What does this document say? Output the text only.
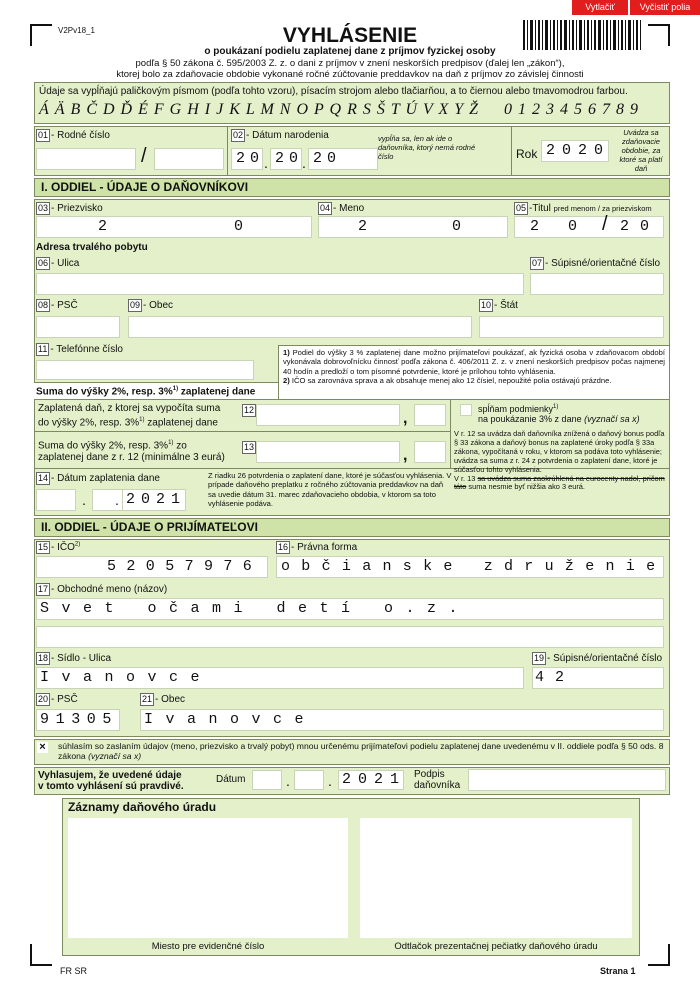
Vytlačiť	Vyčistiť polia
V2Pv18_1	VYHLÁSENIE
o poukázaní podielu zaplatenej dane z príjmov fyzickej osoby
podľa § 50 zákona č. 595/2003 Z. z. o dani z príjmov v znení neskorších predpisov (ďalej len „zákon“),
ktorej bolo za zdaňovacie obdobie vykonané ročné zúčtovanie preddavkov na daň z príjmov zo závislej činnosti
Údaje sa vypĺňajú paličkovým písmom (podľa tohto vzoru), písacím strojom alebo tlačiarňou, a to čiernou alebo tmavomodrou farbou.
Á Ä B Č D Ď É F G H I J K L M N O P Q R S Š T Ú V X Y Ž     0 1 2 3 4 5 6 7 8 9
01 - Rodné číslo
/
02 - Dátum narodenia	vypĺňa sa, len ak ide o daňovníka, ktorý nemá rodné číslo
2 0 . 2 0 . 2 0	Rok 2 0 2 0
Uvádza sa zdaňovacie obdobie, za ktoré sa platí daň
I. ODDIEL - ÚDAJE O DAŇOVNÍKOVI
03 - Priezvisko
2	0
04 - Meno
2	0
05 -Titul pred menom / za priezviskom
2 0 / 2 0
Adresa trvalého pobytu
06 - Ulica	07 - Súpisné/orientačné číslo
08 - PSČ	09 - Obec	10 - Štát
11 - Telefónne číslo	1) Podiel do výšky 3 % zaplatenej dane možno prijímateľovi poukázať, ak fyzická osoba v zdaňovacom období vykonávala dobrovoľnícku činnosť podľa zákona č. 406/2011 Z. z. v znení neskorších predpisov počas najmenej 40 hodín a predloží o tom písomné potvrdenie, ktoré je prílohou tohto vyhlásenia.
2) IČO sa zarovnáva sprava a ak obsahuje menej ako 12 čísiel, nepoužité polia ostávajú prázdne.
Suma do výšky 2%, resp. 3%$^{1)}$ zaplatenej dane
Zaplatená daň, z ktorej sa vypočíta suma
do výšky 2%, resp. 3%$^{1)}$ zaplatenej dane
12	,
Suma do výšky 2%, resp. 3%$^{1)}$ zo
zaplatenej dane z r. 12 (minimálne 3 eurá)
13	,
spĺňam podmienky$^{1)}$
na poukázanie 3% z dane (vyznačí sa x)
V r. 12 sa uvádza daň daňovníka znížená o daňový bonus podľa § 33 zákona a daňový bonus na zaplatené úroky podľa § 33a zákona, vypočítaná v roku, v ktorom sa podáva toto vyhlásenie; uvádza sa suma z r. 24 z potvrdenia o zaplatení dane, ktoré je súčasťou tohto vyhlásenia.
V r. 13 sa uvádza suma zaokrúhlená na eurocenty nadol, pričom táto suma nesmie byť nižšia ako 3 eurá.
14 - Dátum zaplatenia dane
. . 2 0 2 1
Z riadku 26 potvrdenia o zaplatení dane, ktoré je súčasťou vyhlásenia. V prípade daňového preplatku z ročného zúčtovania preddavkov na daň sa uvedie dátum 31. marec zdaňovacieho obdobia, v ktorom sa toto vyhlásenie podáva.
II. ODDIEL - ÚDAJE O PRIJÍMATEĽOVI
15 - IČO$^{2)}$
5 2 0 5 7 9 7 6
16 - Právna forma
o b č i a n s k e z d r u ž e n i e
17 - Obchodné meno (názov)
S v e t o č a m i d e t í o . z .
18 - Sídlo - Ulica
I v a n o v c e
19 - Súpisné/orientačné číslo
4 2
20 - PSČ
9 1 3 0 5
21 - Obec
I v a n o v c e
× súhlasím so zaslaním údajov (meno, priezvisko a trvalý pobyt) mnou určenému prijímateľovi podielu zaplatenej dane uvedenému v II. oddiele podľa § 50 ods. 8 zákona (vyznačí sa x)
Vyhlasujem, že uvedené údaje
v tomto vyhlásení sú pravdivé.
Dátum	.	. 2 0 2 1 Podpis
daňovníka
Záznamy daňového úradu
Miesto pre evidenčné číslo	Odtlačok prezentačnej pečiatky daňového úradu
FR SR	Strana 1
